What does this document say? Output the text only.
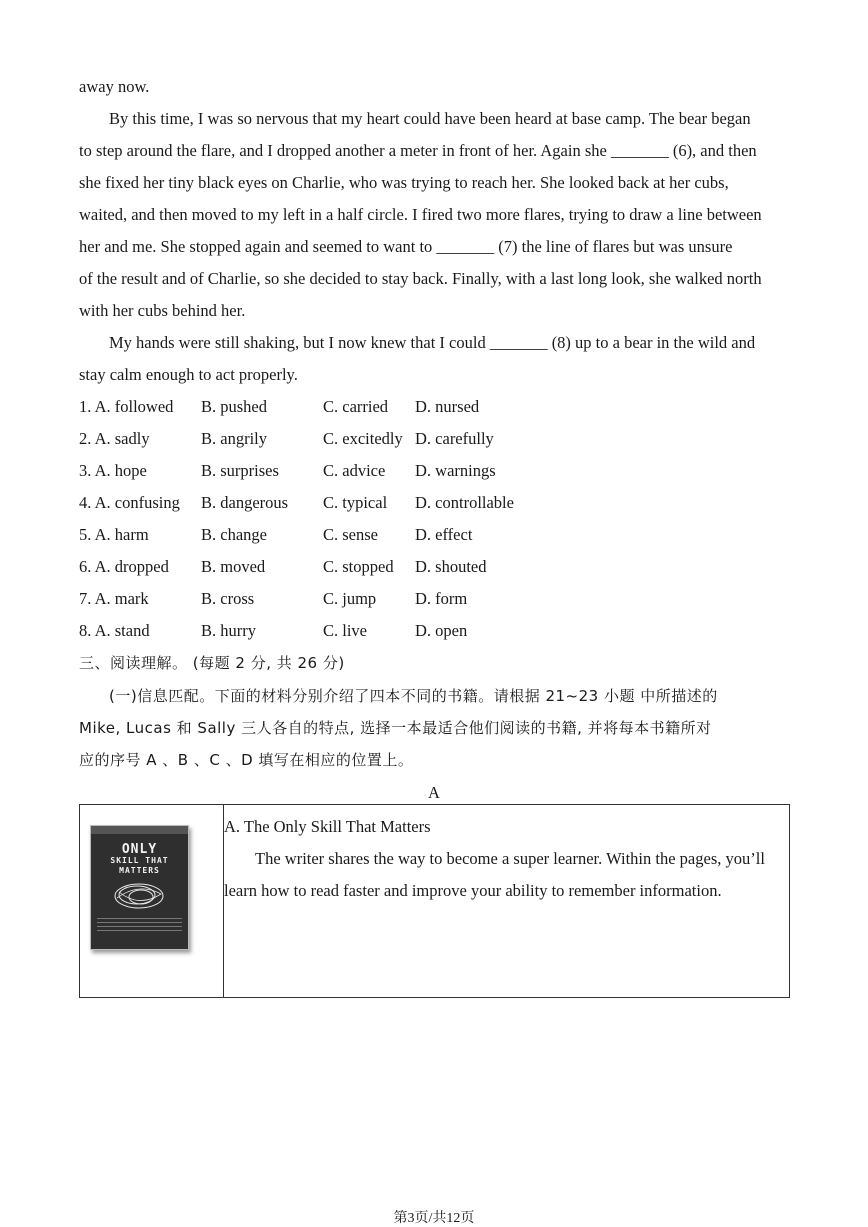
away now.
By this time, I was so nervous that my heart could have been heard at base camp. The bear began
to step around the flare, and I dropped another a meter in front of her. Again she _______ (6), and then
she fixed her tiny black eyes on Charlie, who was trying to reach her. She looked back at her cubs,
waited, and then moved to my left in a half circle. I fired two more flares, trying to draw a line between
her and me. She stopped again and seemed to want to _______ (7) the line of flares but was unsure
of the result and of Charlie, so she decided to stay back. Finally, with a last long look, she walked north
with her cubs behind her.
My hands were still shaking, but I now knew that I could _______ (8) up to a bear in the wild and
stay calm enough to act properly.
1. A. followed B. pushed	C. carried D. nursed
2. A. sadly	B. angrily	C. excitedly D. carefully
3. A. hope	B. surprises	C. advice D. warnings
4. A. confusing B. dangerous C. typical D. controllable
5. A. harm	B. change	C. sense D. effect
6. A. dropped B. moved	C. stopped D. shouted
7. A. mark	B. cross	C. jump D. form
8. A. stand	B. hurry	C. live	D. open
三、阅读理解。 (每题 2 分, 共 26 分)
(一)信息匹配。下面的材料分别介绍了四本不同的书籍。请根据 21~23 小题 中所描述的
Mike, Lucas 和 Sally 三人各自的特点, 选择一本最适合他们阅读的书籍, 并将每本书籍所对
应的序号 A 、B 、C 、D 填写在相应的位置上。
A
ONLY
SKILL THAT
MATTERS

A. The Only Skill That Matters
The writer shares the way to become a super learner. Within the pages, you’ll
learn how to read faster and improve your ability to remember information.
第3页/共12页
